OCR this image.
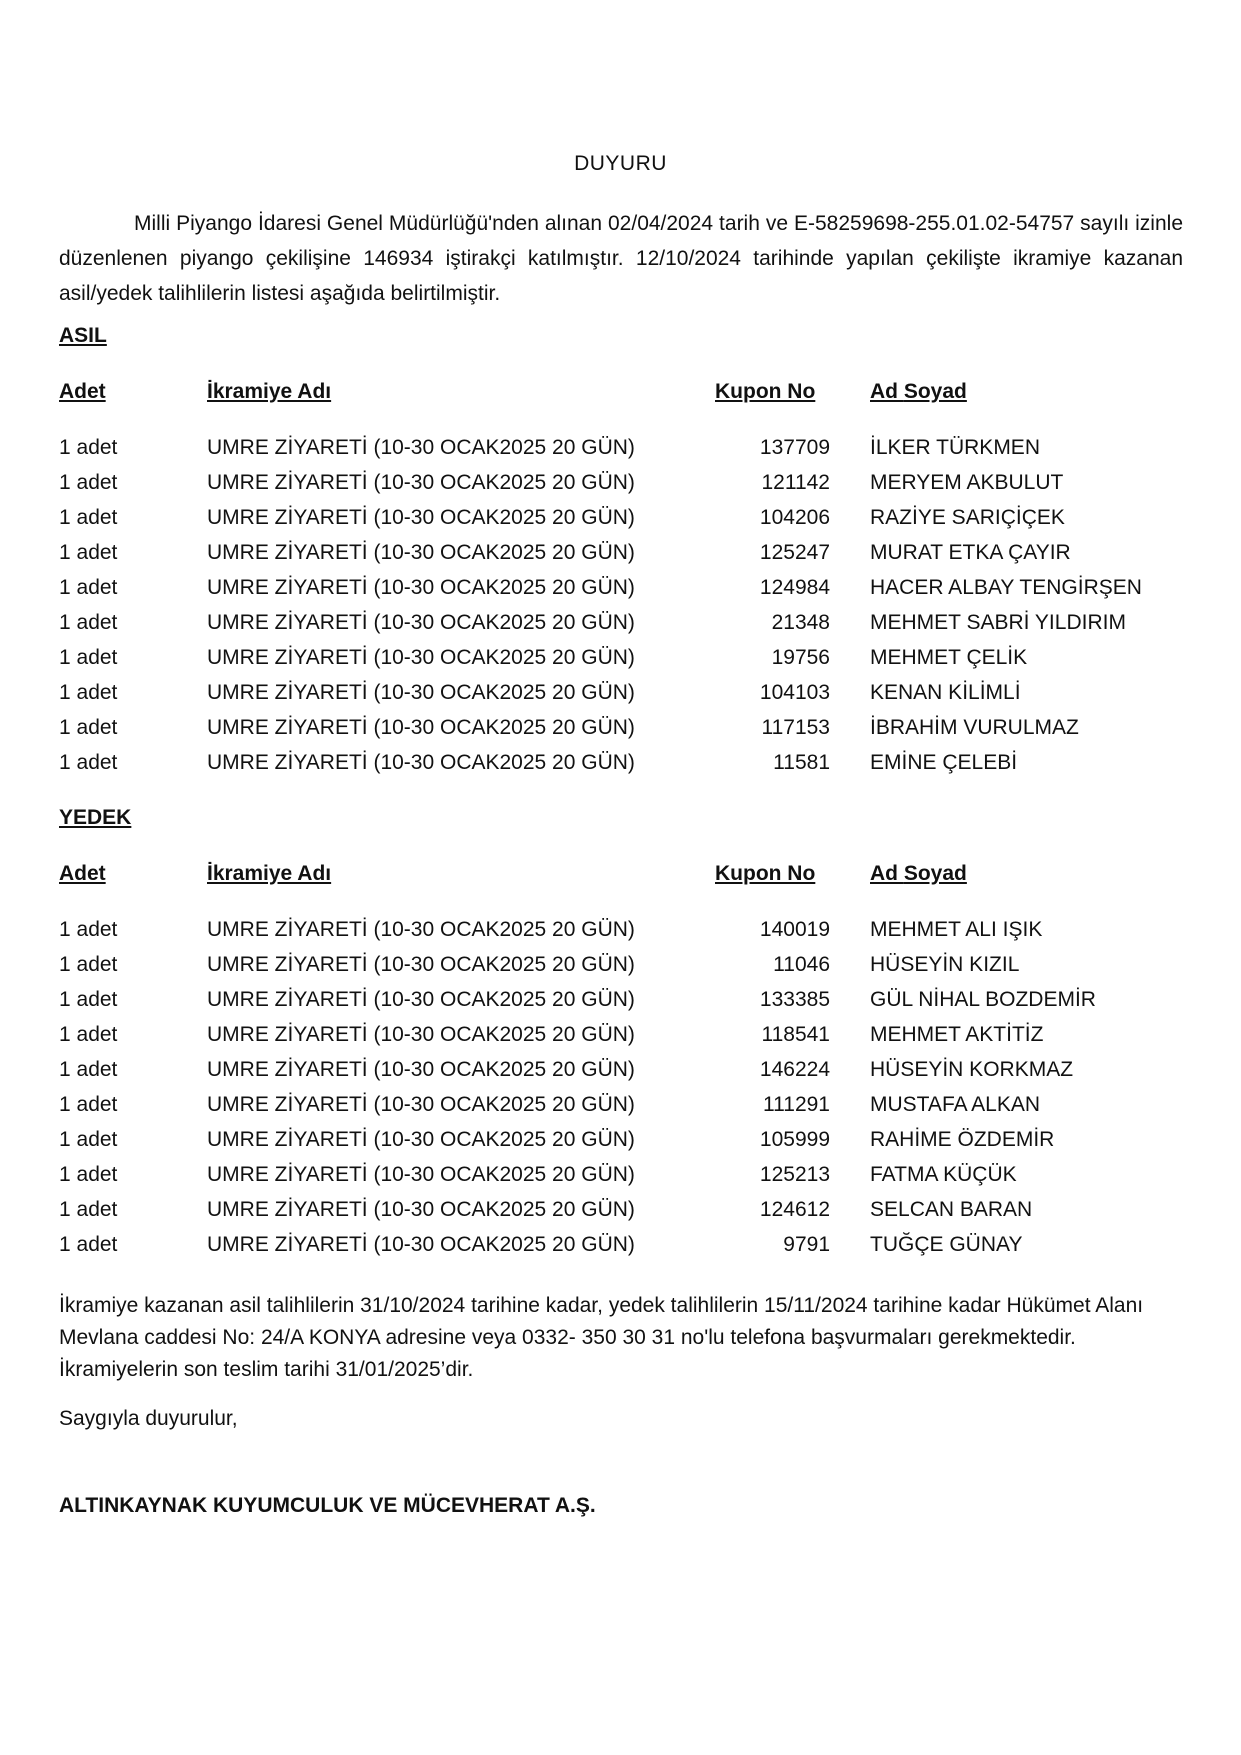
DUYURU
Milli Piyango İdaresi Genel Müdürlüğü'nden alınan 02/04/2024 tarih ve E-58259698-255.01.02-54757 sayılı izinle düzenlenen piyango çekilişine 146934 iştirakçi katılmıştır. 12/10/2024 tarihinde yapılan çekilişte ikramiye kazanan asil/yedek talihlilerin listesi aşağıda belirtilmiştir.
ASIL
Adet	İkramiye Adı	Kupon No	Ad Soyad
1 adet	UMRE ZİYARETİ (10-30 OCAK2025 20 GÜN)	137709 İLKER TÜRKMEN
1 adet	UMRE ZİYARETİ (10-30 OCAK2025 20 GÜN)	121142 MERYEM AKBULUT
1 adet	UMRE ZİYARETİ (10-30 OCAK2025 20 GÜN)	104206 RAZİYE SARIÇİÇEK
1 adet	UMRE ZİYARETİ (10-30 OCAK2025 20 GÜN)	125247 MURAT ETKA ÇAYIR
1 adet	UMRE ZİYARETİ (10-30 OCAK2025 20 GÜN)	124984 HACER ALBAY TENGİRŞEN
1 adet	UMRE ZİYARETİ (10-30 OCAK2025 20 GÜN)	21348 MEHMET SABRİ YILDIRIM
1 adet	UMRE ZİYARETİ (10-30 OCAK2025 20 GÜN)	19756 MEHMET ÇELİK
1 adet	UMRE ZİYARETİ (10-30 OCAK2025 20 GÜN)	104103 KENAN KİLİMLİ
1 adet	UMRE ZİYARETİ (10-30 OCAK2025 20 GÜN)	117153 İBRAHİM VURULMAZ
1 adet	UMRE ZİYARETİ (10-30 OCAK2025 20 GÜN)	11581 EMİNE ÇELEBİ
YEDEK
Adet	İkramiye Adı	Kupon No	Ad Soyad
1 adet	UMRE ZİYARETİ (10-30 OCAK2025 20 GÜN)	140019 MEHMET ALI IŞIK
1 adet	UMRE ZİYARETİ (10-30 OCAK2025 20 GÜN)	11046 HÜSEYİN KIZIL
1 adet	UMRE ZİYARETİ (10-30 OCAK2025 20 GÜN)	133385 GÜL NİHAL BOZDEMİR
1 adet	UMRE ZİYARETİ (10-30 OCAK2025 20 GÜN)	118541 MEHMET AKTİTİZ
1 adet	UMRE ZİYARETİ (10-30 OCAK2025 20 GÜN)	146224 HÜSEYİN KORKMAZ
1 adet	UMRE ZİYARETİ (10-30 OCAK2025 20 GÜN)	111291 MUSTAFA ALKAN
1 adet	UMRE ZİYARETİ (10-30 OCAK2025 20 GÜN)	105999 RAHİME ÖZDEMİR
1 adet	UMRE ZİYARETİ (10-30 OCAK2025 20 GÜN)	125213 FATMA KÜÇÜK
1 adet	UMRE ZİYARETİ (10-30 OCAK2025 20 GÜN)	124612 SELCAN BARAN
1 adet	UMRE ZİYARETİ (10-30 OCAK2025 20 GÜN)	9791 TUĞÇE GÜNAY
İkramiye kazanan asil talihlilerin 31/10/2024 tarihine kadar, yedek talihlilerin 15/11/2024 tarihine kadar Hükümet Alanı Mevlana caddesi No: 24/A KONYA adresine veya 0332- 350 30 31 no'lu telefona başvurmaları gerekmektedir. İkramiyelerin son teslim tarihi 31/01/2025’dir.
Saygıyla duyurulur,
ALTINKAYNAK KUYUMCULUK VE MÜCEVHERAT A.Ş.
